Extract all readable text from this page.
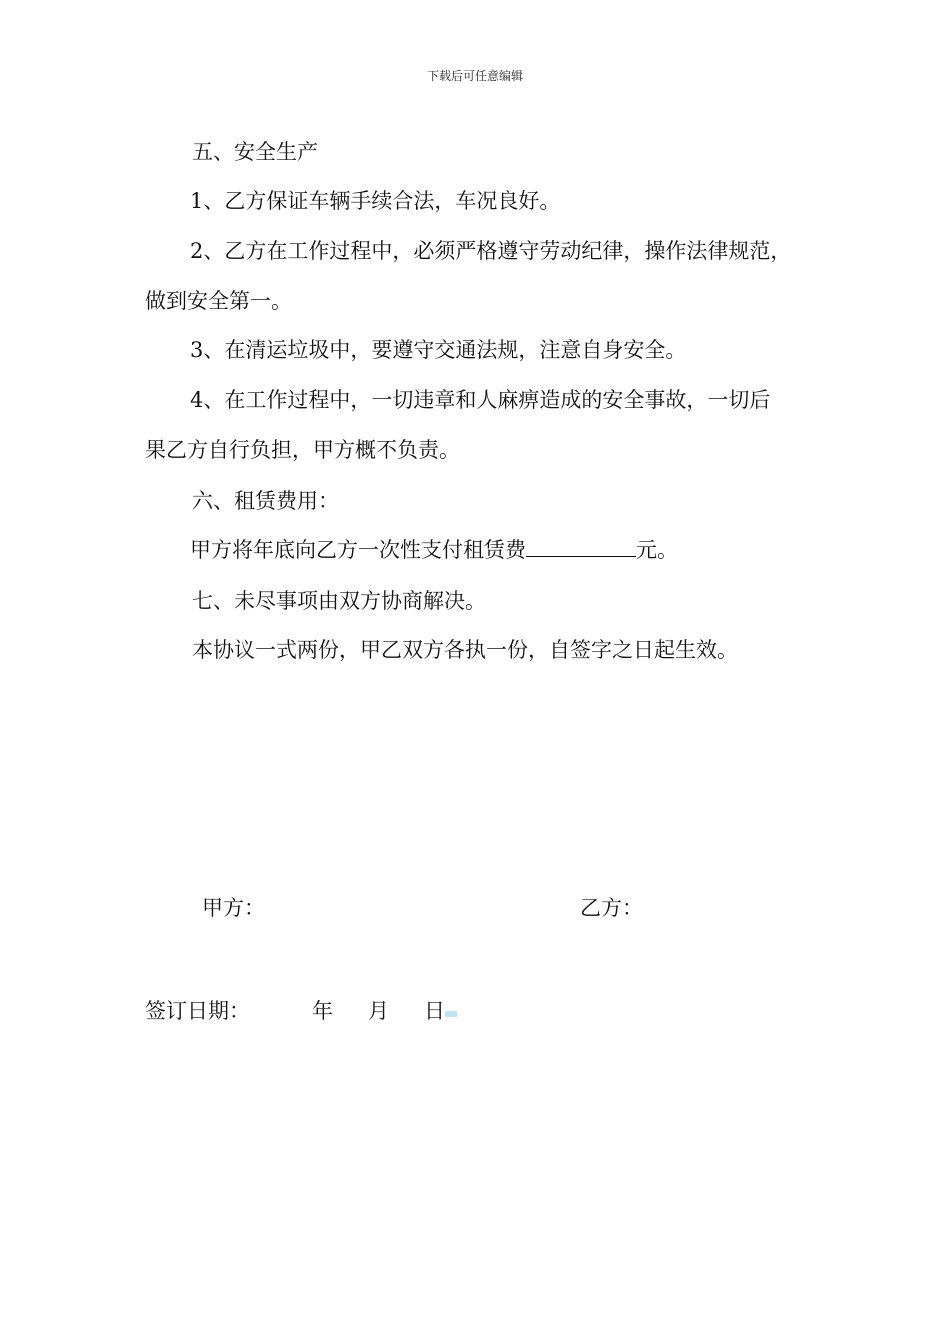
下载后可任意编辑

五、安全生产

1、乙方保证车辆手续合法，车况良好。

2、乙方在工作过程中，必须严格遵守劳动纪律，操作法律规范，

做到安全第一。

3、在清运垃圾中，要遵守交通法规，注意自身安全。

4、在工作过程中，一切违章和人麻痹造成的安全事故，一切后

果乙方自行负担，甲方概不负责。

六、租赁费用：

甲方将年底向乙方一次性支付租赁费	元。

七、未尽事项由双方协商解决。

本协议一式两份，甲乙双方各执一份，自签字之日起生效。

甲方：	乙方：

签订日期：	年 月 日
